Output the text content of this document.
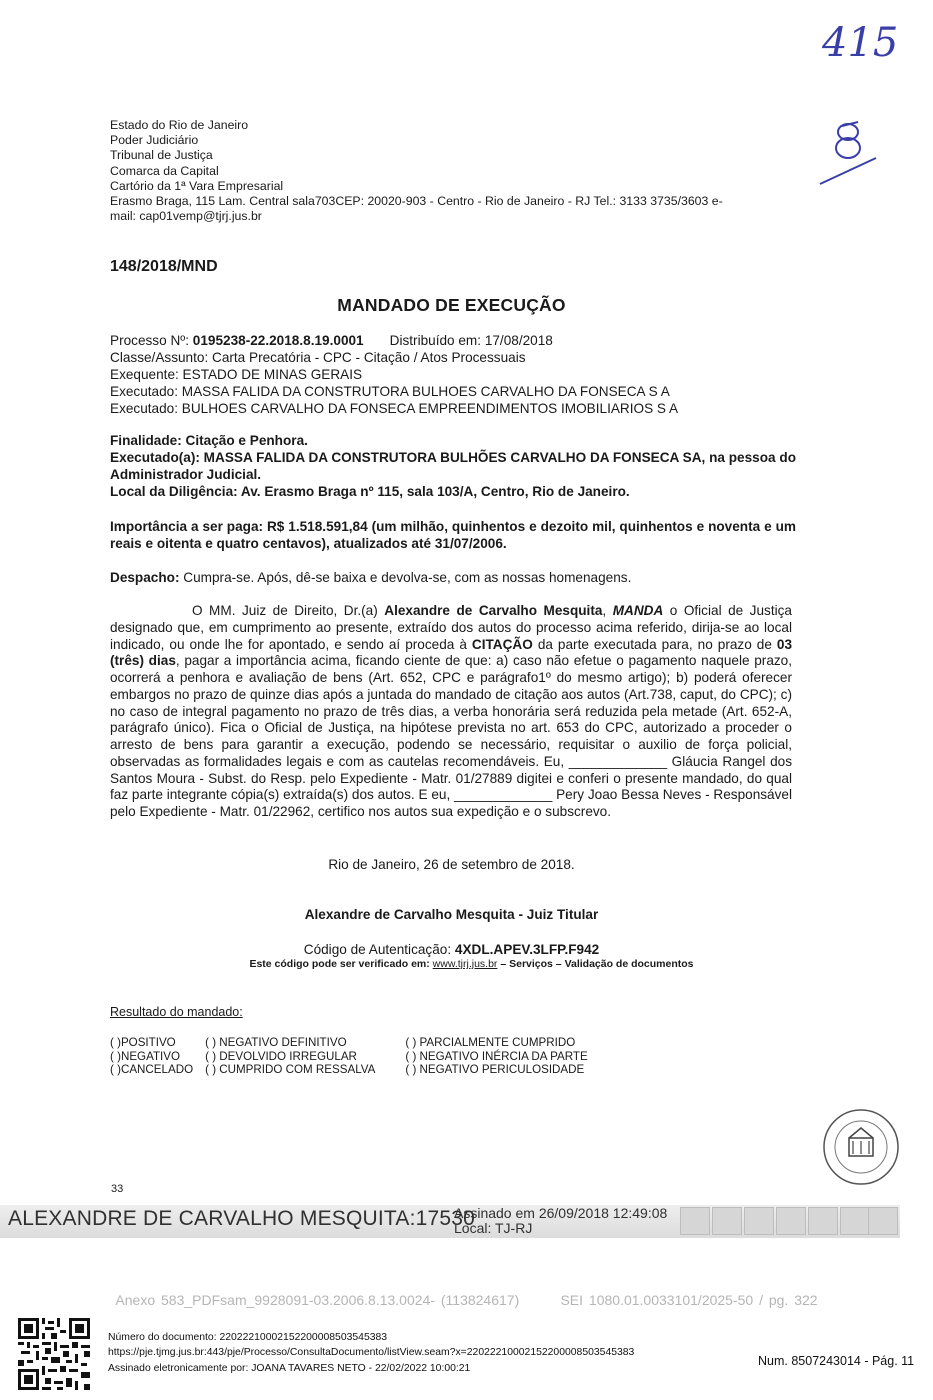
415
Estado do Rio de Janeiro
Poder Judiciário
Tribunal de Justiça
Comarca da Capital
Cartório da 1ª Vara Empresarial
Erasmo Braga, 115 Lam. Central sala703CEP: 20020-903 - Centro - Rio de Janeiro - RJ Tel.: 3133 3735/3603 e-
mail: cap01vemp@tjrj.jus.br
148/2018/MND
MANDADO DE EXECUÇÃO
Processo Nº: 0195238-22.2018.8.19.0001 Distribuído em: 17/08/2018
Classe/Assunto: Carta Precatória - CPC - Citação / Atos Processuais
Exequente: ESTADO DE MINAS GERAIS
Executado: MASSA FALIDA DA CONSTRUTORA BULHOES CARVALHO DA FONSECA S A
Executado: BULHOES CARVALHO DA FONSECA EMPREENDIMENTOS IMOBILIARIOS S A
Finalidade: Citação e Penhora.
Executado(a): MASSA FALIDA DA CONSTRUTORA BULHÕES CARVALHO DA FONSECA SA, na pessoa do Administrador Judicial.
Local da Diligência: Av. Erasmo Braga nº 115, sala 103/A, Centro, Rio de Janeiro.
Importância a ser paga: R$ 1.518.591,84 (um milhão, quinhentos e dezoito mil, quinhentos e noventa e um reais e oitenta e quatro centavos), atualizados até 31/07/2006.
Despacho: Cumpra-se. Após, dê-se baixa e devolva-se, com as nossas homenagens.
O MM. Juiz de Direito, Dr.(a) Alexandre de Carvalho Mesquita, MANDA o Oficial de Justiça designado que, em cumprimento ao presente, extraído dos autos do processo acima referido, dirija-se ao local indicado, ou onde lhe for apontado, e sendo aí proceda à CITAÇÃO da parte executada para, no prazo de 03 (três) dias, pagar a importância acima, ficando ciente de que: a) caso não efetue o pagamento naquele prazo, ocorrerá a penhora e avaliação de bens (Art. 652, CPC e parágrafo1º do mesmo artigo); b) poderá oferecer embargos no prazo de quinze dias após a juntada do mandado de citação aos autos (Art.738, caput, do CPC); c) no caso de integral pagamento no prazo de três dias, a verba honorária será reduzida pela metade (Art. 652-A, parágrafo único). Fica o Oficial de Justiça, na hipótese prevista no art. 653 do CPC, autorizado a proceder o arresto de bens para garantir a execução, podendo se necessário, requisitar o auxilio de força policial, observadas as formalidades legais e com as cautelas recomendáveis. Eu, _____________ Gláucia Rangel dos Santos Moura - Subst. do Resp. pelo Expediente - Matr. 01/27889 digitei e conferi o presente mandado, do qual faz parte integrante cópia(s) extraída(s) dos autos. E eu, _____________ Pery Joao Bessa Neves - Responsável pelo Expediente - Matr. 01/22962, certifico nos autos sua expedição e o subscrevo.
Rio de Janeiro, 26 de setembro de 2018.
Alexandre de Carvalho Mesquita - Juiz Titular
Código de Autenticação: 4XDL.APEV.3LFP.F942
Este código pode ser verificado em: www.tjrj.jus.br – Serviços – Validação de documentos
Resultado do mandado:
( )POSITIVO	( ) NEGATIVO DEFINITIVO	( ) PARCIALMENTE CUMPRIDO
( )NEGATIVO	( ) DEVOLVIDO IRREGULAR	( ) NEGATIVO INÉRCIA DA PARTE
( )CANCELADO	( ) CUMPRIDO COM RESSALVA	( ) NEGATIVO PERICULOSIDADE
33
ALEXANDRE DE CARVALHO MESQUITA:17530
Assinado em 26/09/2018 12:49:08
Local: TJ-RJ
Anexo 583_PDFsam_9928091-03.2006.8.13.0024- (113824617)       SEI 1080.01.0033101/2025-50 / pg. 322
Número do documento: 22022210002152200008503545383
https://pje.tjmg.jus.br:443/pje/Processo/ConsultaDocumento/listView.seam?x=22022210002152200008503545383
Assinado eletronicamente por: JOANA TAVARES NETO - 22/02/2022 10:00:21
Num. 8507243014 - Pág. 11
